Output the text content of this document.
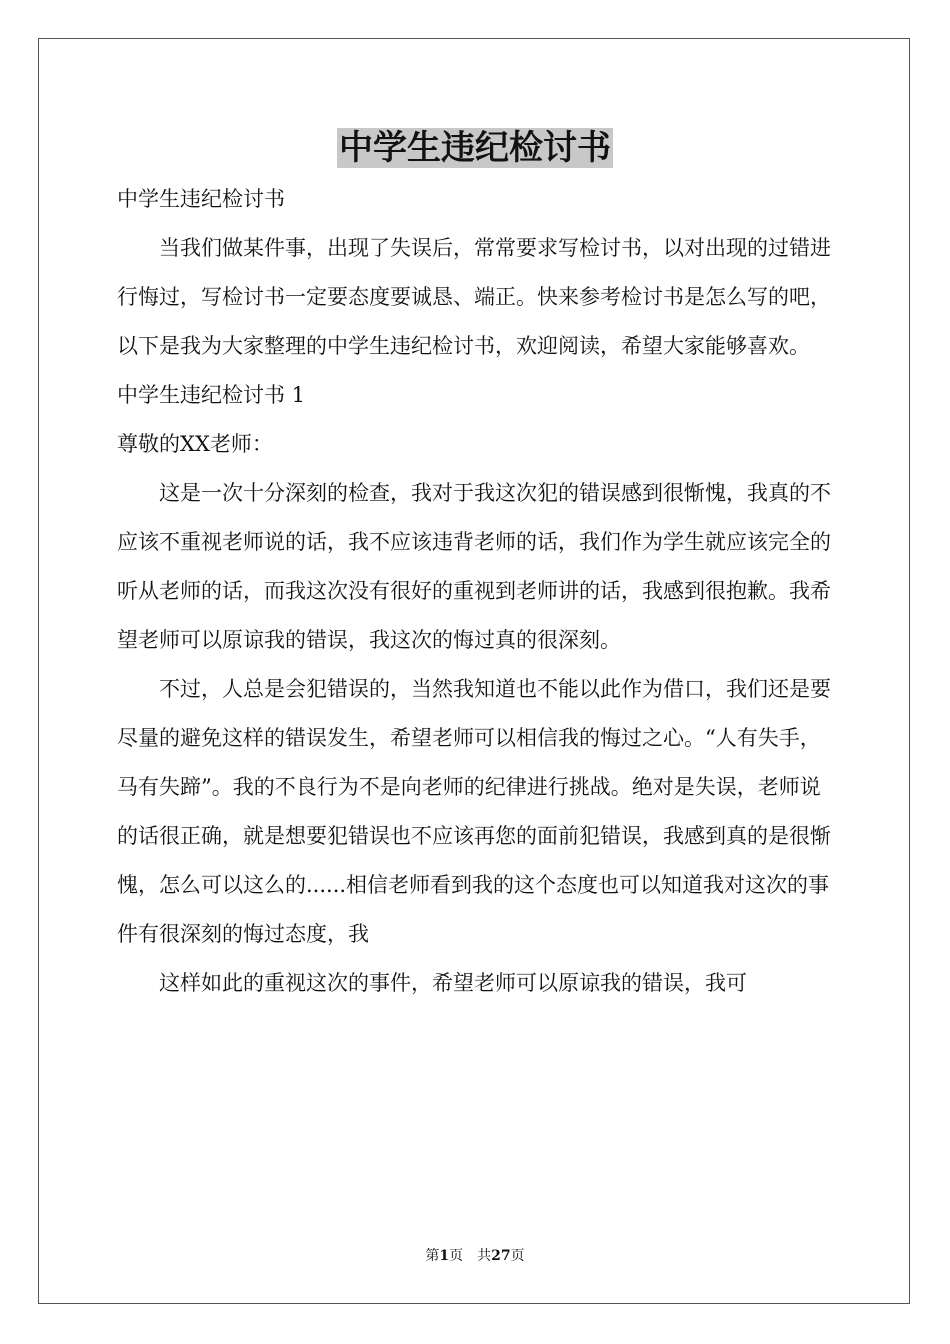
中学生违纪检讨书

中学生违纪检讨书

当我们做某件事，出现了失误后，常常要求写检讨书，以对出现的过错进行悔过，写检讨书一定要态度要诚恳、端正。快来参考检讨书是怎么写的吧，以下是我为大家整理的中学生违纪检讨书，欢迎阅读，希望大家能够喜欢。

中学生违纪检讨书 1

尊敬的XX老师：

这是一次十分深刻的检查，我对于我这次犯的错误感到很惭愧，我真的不应该不重视老师说的话，我不应该违背老师的话，我们作为学生就应该完全的听从老师的话，而我这次没有很好的重视到老师讲的话，我感到很抱歉。我希望老师可以原谅我的错误，我这次的悔过真的很深刻。

不过，人总是会犯错误的，当然我知道也不能以此作为借口，我们还是要尽量的避免这样的错误发生，希望老师可以相信我的悔过之心。“人有失手，马有失蹄”。我的不良行为不是向老师的纪律进行挑战。绝对是失误，老师说的话很正确，就是想要犯错误也不应该再您的面前犯错误，我感到真的是很惭愧，怎么可以这么的......相信老师看到我的这个态度也可以知道我对这次的事件有很深刻的悔过态度，我

这样如此的重视这次的事件，希望老师可以原谅我的错误，我可

第1页　共27页
